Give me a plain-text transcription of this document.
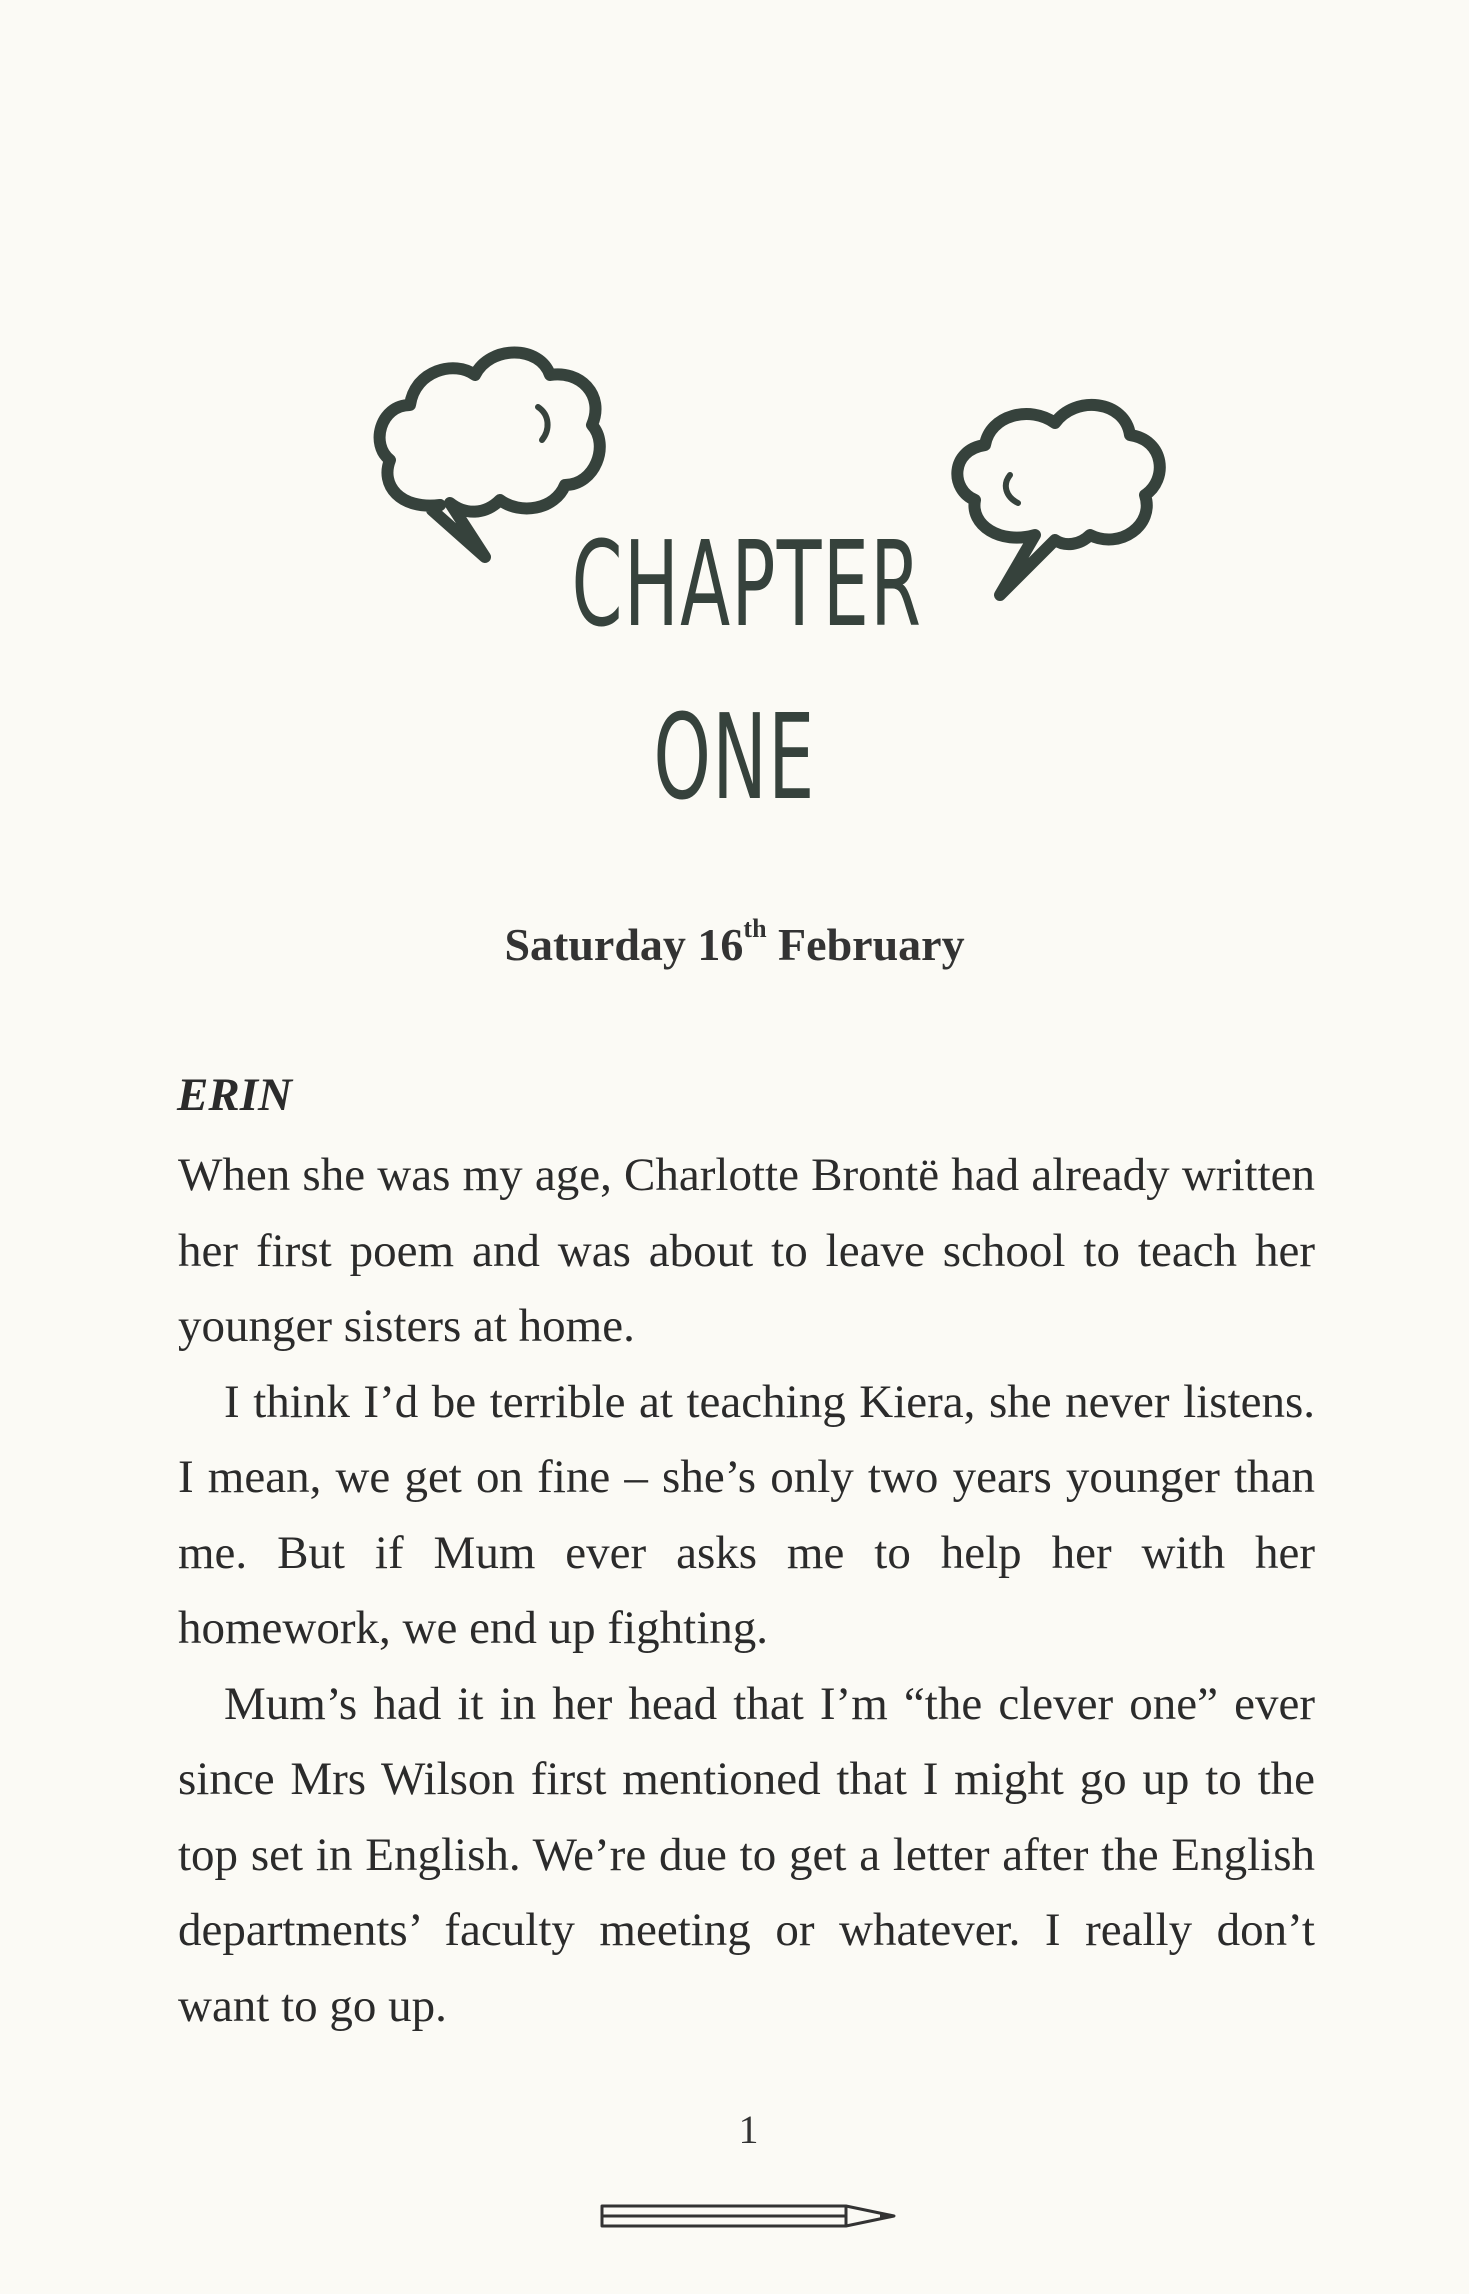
CHAPTER
ONE
Saturday 16th February
ERIN

When she was my age, Charlotte Brontë had already written her first poem and was about to leave school to teach her younger sisters at home.

I think I’d be terrible at teaching Kiera, she never listens. I mean, we get on fine – she’s only two years younger than me. But if Mum ever asks me to help her with her homework, we end up fighting.

Mum’s had it in her head that I’m “the clever one” ever since Mrs Wilson first mentioned that I might go up to the top set in English. We’re due to get a letter after the English departments’ faculty meeting or whatever. I really don’t want to go up.

1
